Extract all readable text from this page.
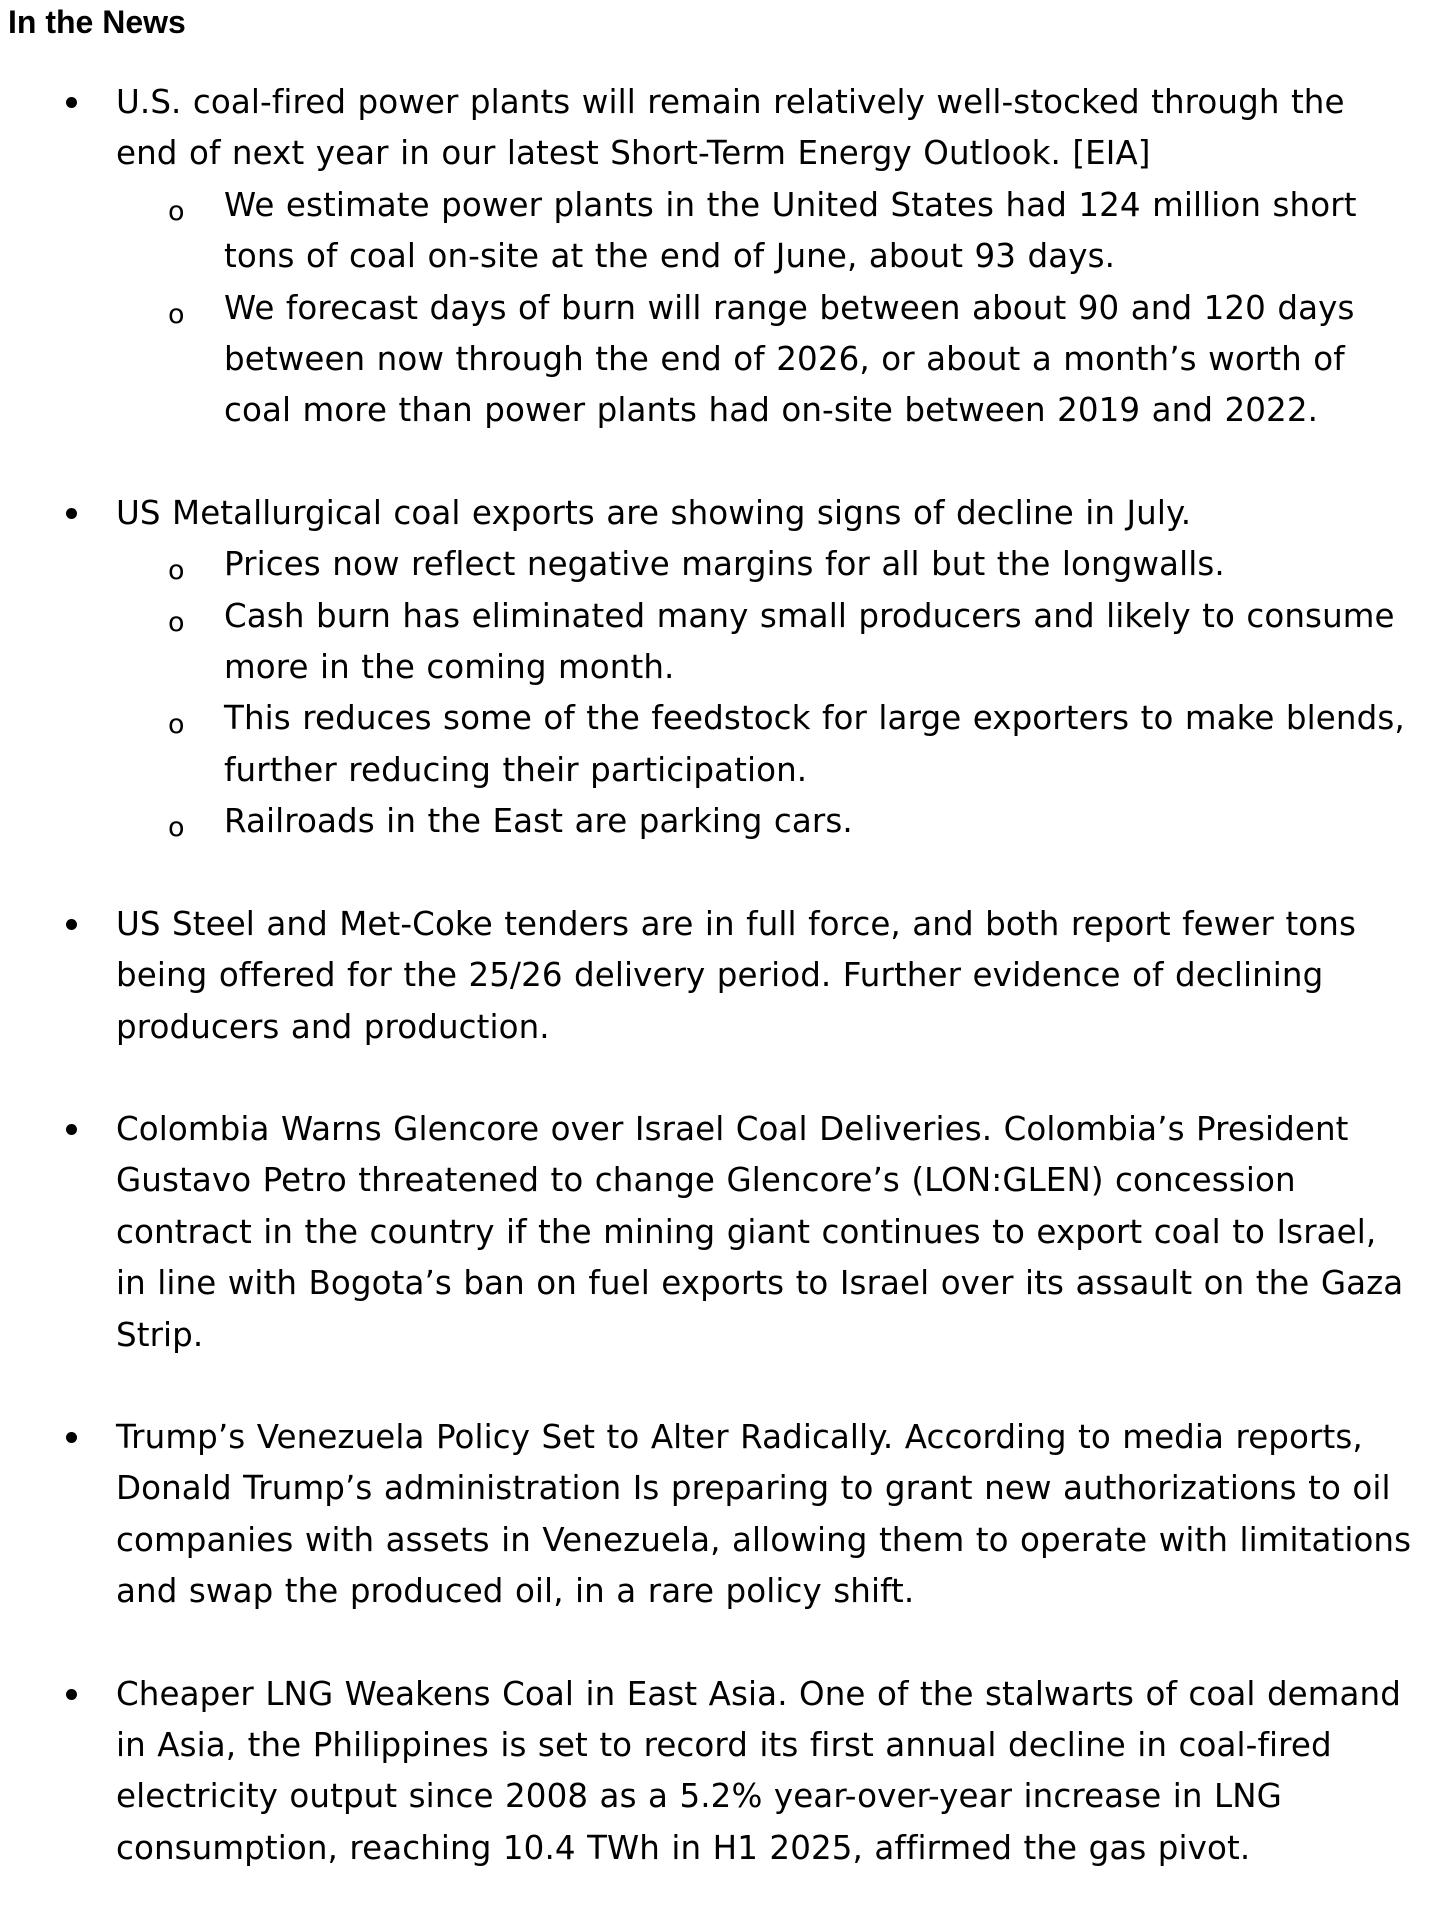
In the News

U.S. coal-fired power plants will remain relatively well-stocked through the end of next year in our latest Short-Term Energy Outlook. [EIA]

o We estimate power plants in the United States had 124 million short tons of coal on-site at the end of June, about 93 days.

o We forecast days of burn will range between about 90 and 120 days between now through the end of 2026, or about a month’s worth of coal more than power plants had on-site between 2019 and 2022.

US Metallurgical coal exports are showing signs of decline in July.

o Prices now reflect negative margins for all but the longwalls.

o Cash burn has eliminated many small producers and likely to consume more in the coming month.

o This reduces some of the feedstock for large exporters to make blends, further reducing their participation.

o Railroads in the East are parking cars.

US Steel and Met-Coke tenders are in full force, and both report fewer tons being offered for the 25/26 delivery period. Further evidence of declining producers and production.

Colombia Warns Glencore over Israel Coal Deliveries. Colombia’s President Gustavo Petro threatened to change Glencore’s (LON:GLEN) concession contract in the country if the mining giant continues to export coal to Israel, in line with Bogota’s ban on fuel exports to Israel over its assault on the Gaza Strip.

Trump’s Venezuela Policy Set to Alter Radically. According to media reports, Donald Trump’s administration Is preparing to grant new authorizations to oil companies with assets in Venezuela, allowing them to operate with limitations and swap the produced oil, in a rare policy shift.

Cheaper LNG Weakens Coal in East Asia. One of the stalwarts of coal demand in Asia, the Philippines is set to record its first annual decline in coal-fired electricity output since 2008 as a 5.2% year-over-year increase in LNG consumption, reaching 10.4 TWh in H1 2025, affirmed the gas pivot.
